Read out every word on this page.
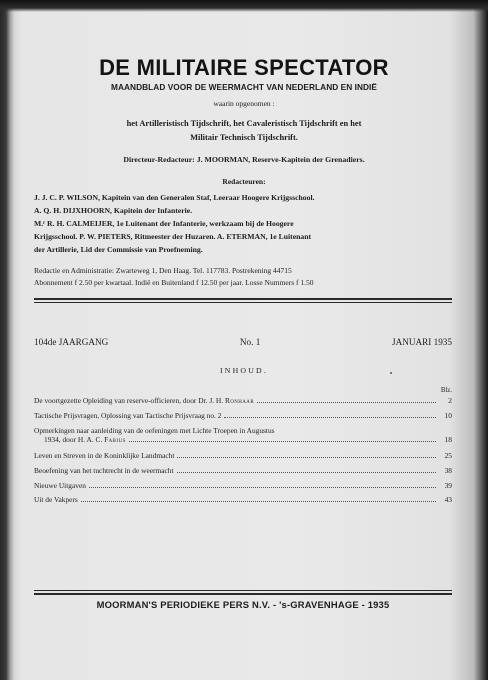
DE MILITAIRE SPECTATOR
MAANDBLAD VOOR DE WEERMACHT VAN NEDERLAND EN INDIË
waarin opgenomen :
het Artilleristisch Tijdschrift, het Cavaleristisch Tijdschrift en het
Militair Technisch Tijdschrift.
Directeur-Redacteur: J. MOORMAN, Reserve-Kapitein der Grenadiers.
Redacteuren:
J. J. C. P. WILSON, Kapitein van den Generalen Staf, Leeraar Hoogere Krijgsschool.
A. Q. H. DIJXHOORN, Kapitein der Infanterie.
M.ʳ R. H. CALMEIJER, 1e Luitenant der Infanterie, werkzaam bij de Hoogere
Krijgsschool. P. W. PIETERS, Ritmeester der Huzaren. A. ETERMAN, 1e Luitenant
der Artillerie, Lid der Commissie van Proefneming.
Redactie en Administratie: Zwarteweg 1, Den Haag. Tel. 117783. Postrekening 44715
Abonnement f 2.50 per kwartaal. Indië en Buitenland f 12.50 per jaar. Losse Nummers f 1.50
104de JAARGANG	No. 1	JANUARI 1935
INHOUD.
Blz.
De voortgezette Opleiding van reserve-officieren, door Dr. J. H. Ronhaar	2
Tactische Prijsvragen, Oplossing van Tactische Prijsvraag no. 2	10
Opmerkingen naar aanleiding van de oefeningen met Lichte Troepen in Augustus
1934, door H. A. C. Fabius	18
Leven en Streven in de Koninklijke Landmacht	25
Beoefening van het tuchtrecht in de weermacht	38
Nieuwe Uitgaven	39
Uit de Vakpers	43
MOORMAN'S PERIODIEKE PERS N.V. - 's-GRAVENHAGE - 1935
